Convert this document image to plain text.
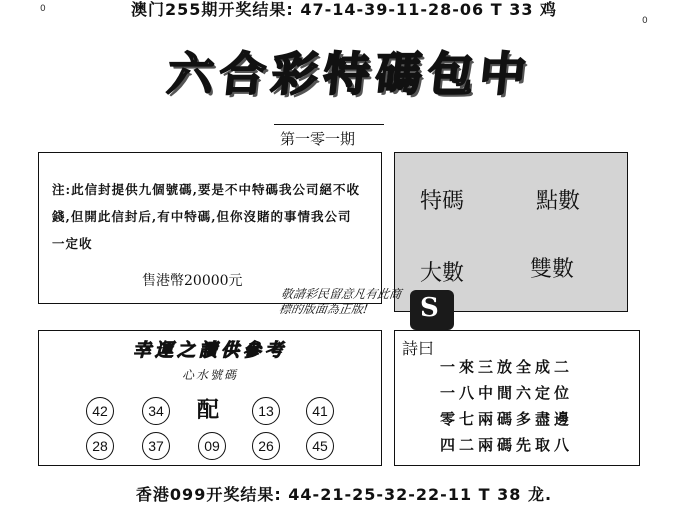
0
0
澳门255期开奖结果: 47-14-39-11-28-06 T 33 鸡
六合彩特碼包中
第一零一期
注:此信封提供九個號碼,要是不中特碼我公司絕不收錢,但開此信封后,有中特碼,但你沒賭的事情我公司一定收
售港幣20000元
特碼	點數
大數	雙數
敬請彩民留意凡有此商標的版面為正版!	S
幸運之讀供參考
心水號碼
42	34 配	13	41
28	37	09	26	45
詩曰
一來三放全成二
一八中間六定位
零七兩碼多盡邊
四二兩碼先取八
香港099开奖结果: 44-21-25-32-22-11 T 38 龙.
